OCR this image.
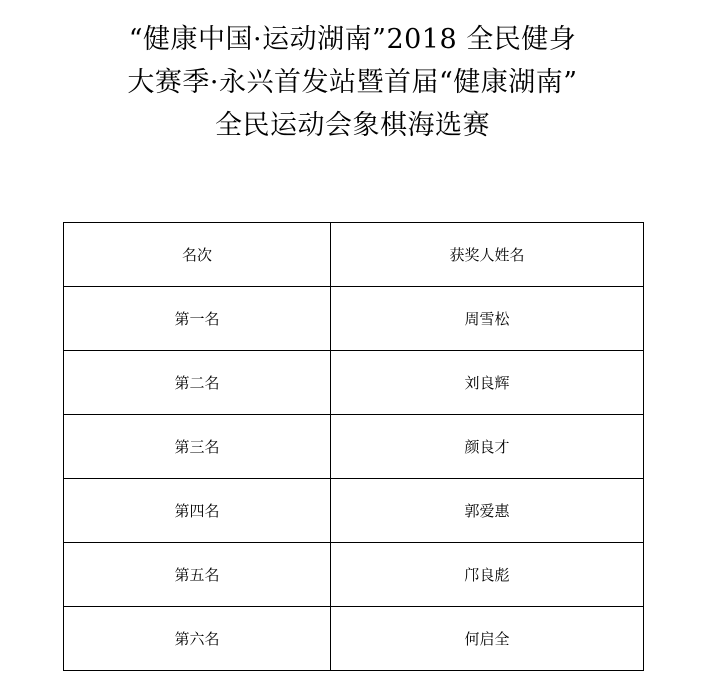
“健康中国·运动湖南”2018 全民健身
大赛季·永兴首发站暨首届“健康湖南”
全民运动会象棋海选赛
名次	获奖人姓名
第一名	周雪松
第二名	刘良辉
第三名	颜良才
第四名	郭爱惠
第五名	邝良彪
第六名	何启全
